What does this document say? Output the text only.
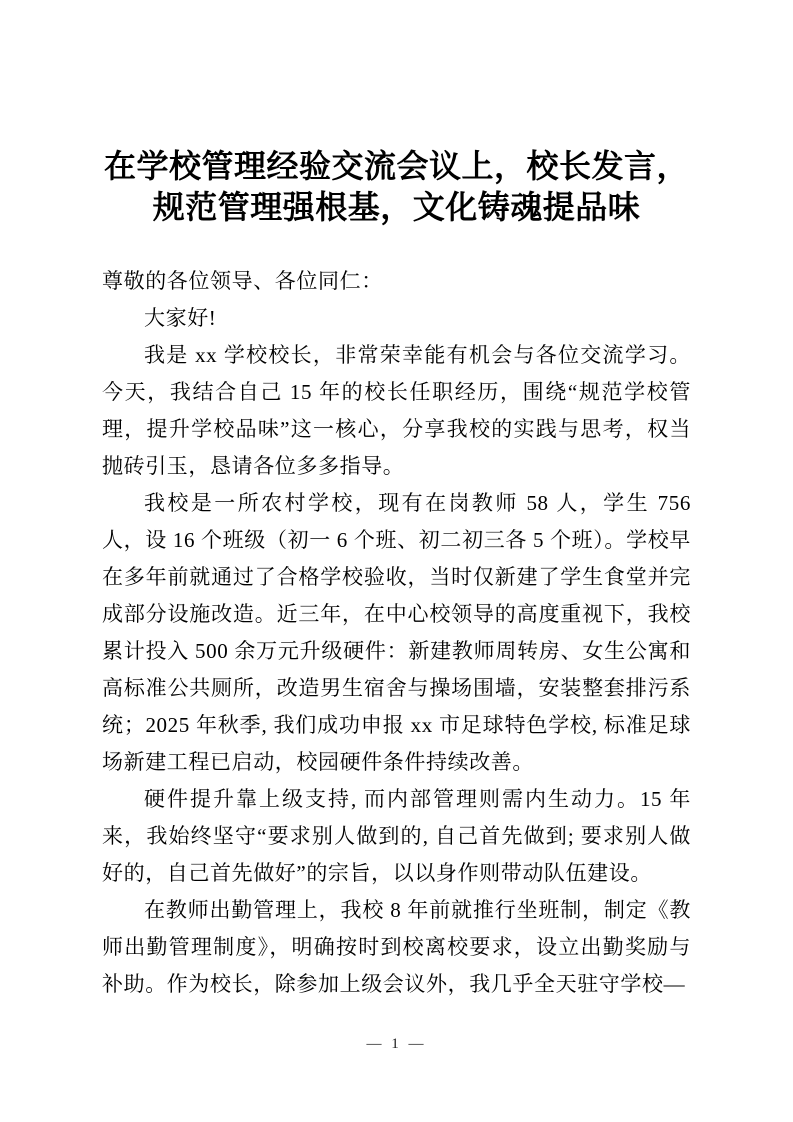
在学校管理经验交流会议上，校长发言，
规范管理强根基，文化铸魂提品味

尊敬的各位领导、各位同仁：

大家好!

我是 xx 学校校长，非常荣幸能有机会与各位交流学习。今天，我结合自己 15 年的校长任职经历，围绕“规范学校管理，提升学校品味”这一核心，分享我校的实践与思考，权当抛砖引玉，恳请各位多多指导。

我校是一所农村学校，现有在岗教师 58 人，学生 756 人，设 16 个班级（初一 6 个班、初二初三各 5 个班）。学校早在多年前就通过了合格学校验收，当时仅新建了学生食堂并完成部分设施改造。近三年，在中心校领导的高度重视下，我校累计投入 500 余万元升级硬件：新建教师周转房、女生公寓和高标准公共厕所，改造男生宿舍与操场围墙，安装整套排污系统；2025 年秋季, 我们成功申报 xx 市足球特色学校, 标准足球场新建工程已启动，校园硬件条件持续改善。

硬件提升靠上级支持, 而内部管理则需内生动力。15 年来，我始终坚守“要求别人做到的, 自己首先做到; 要求别人做好的，自己首先做好”的宗旨，以以身作则带动队伍建设。

在教师出勤管理上，我校 8 年前就推行坐班制，制定《教师出勤管理制度》，明确按时到校离校要求，设立出勤奖励与补助。作为校长，除参加上级会议外，我几乎全天驻守学校—

— 1 —
